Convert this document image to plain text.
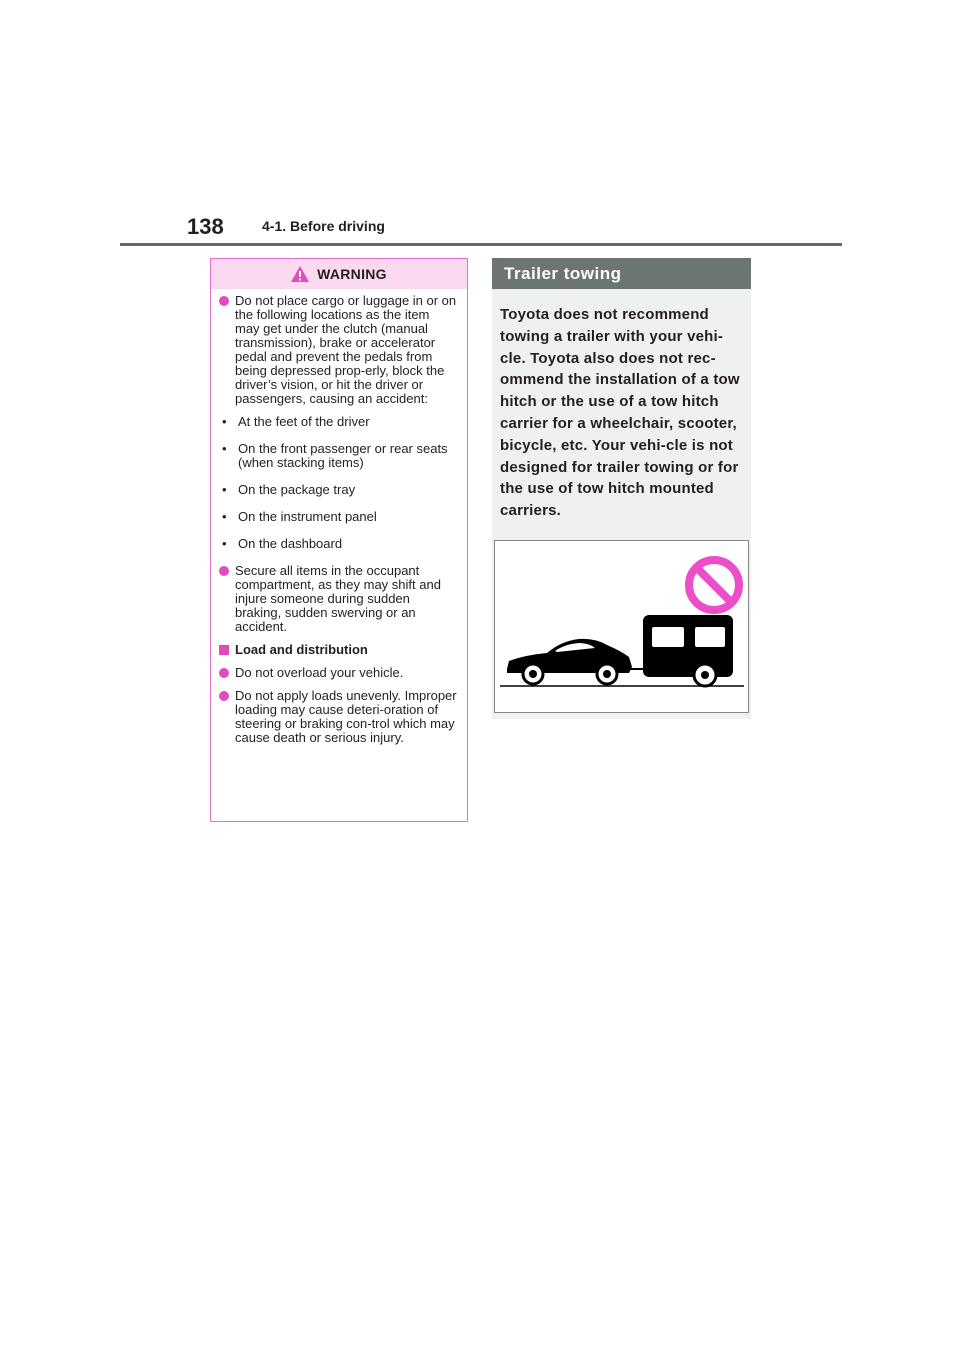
138	4-1. Before driving
WARNING
Do not place cargo or luggage in or on the following locations as the item may get under the clutch (manual transmission), brake or accelerator pedal and prevent the pedals from being depressed prop-erly, block the driver’s vision, or hit the driver or passengers, causing an accident:
• At the feet of the driver
• On the front passenger or rear seats (when stacking items)
• On the package tray
• On the instrument panel
• On the dashboard
Secure all items in the occupant compartment, as they may shift and injure someone during sudden braking, sudden swerving or an accident.
Load and distribution
Do not overload your vehicle.
Do not apply loads unevenly. Improper loading may cause deteri-oration of steering or braking con-trol which may cause death or serious injury.
Trailer towing
Toyota does not recommend towing a trailer with your vehi-cle. Toyota also does not rec-ommend the installation of a tow hitch or the use of a tow hitch carrier for a wheelchair, scooter, bicycle, etc. Your vehi-cle is not designed for trailer towing or for the use of tow hitch mounted carriers.
